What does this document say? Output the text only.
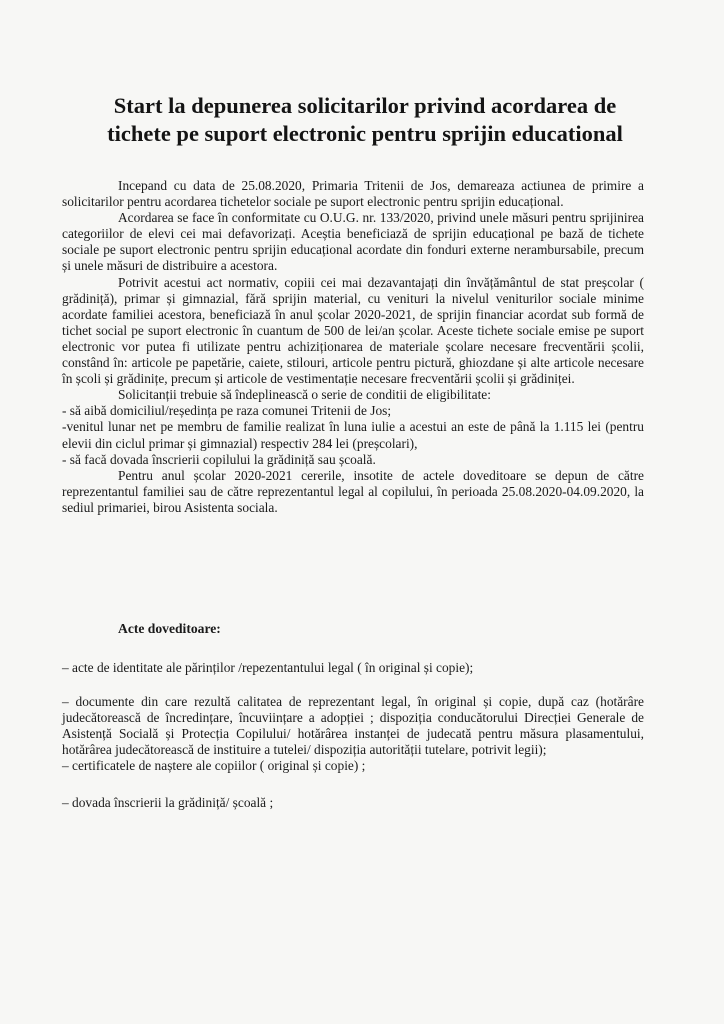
Start la depunerea solicitarilor privind acordarea de
tichete pe suport electronic pentru sprijin educational

Incepand cu data de 25.08.2020, Primaria Tritenii de Jos, demareaza actiunea de primire a solicitarilor pentru acordarea tichetelor sociale pe suport electronic pentru sprijin educațional.

Acordarea se face în conformitate cu O.U.G. nr. 133/2020, privind unele măsuri pentru sprijinirea categoriilor de elevi cei mai defavorizați. Aceștia beneficiază de sprijin educațional pe bază de tichete sociale pe suport electronic pentru sprijin educațional acordate din fonduri externe nerambursabile, precum și unele măsuri de distribuire a acestora.

Potrivit acestui act normativ, copiii cei mai dezavantajați din învățământul de stat preșcolar ( grădiniță), primar și gimnazial, fără sprijin material, cu venituri la nivelul veniturilor sociale minime acordate familiei acestora, beneficiază în anul școlar 2020-2021, de sprijin financiar acordat sub formă de tichet social pe suport electronic în cuantum de 500 de lei/an școlar. Aceste tichete sociale emise pe suport electronic vor putea fi utilizate pentru achiziționarea de materiale școlare necesare frecventării școlii, constând în: articole pe papetărie, caiete, stilouri, articole pentru pictură, ghiozdane și alte articole necesare în școli și grădinițe, precum și articole de vestimentație necesare frecventării școlii și grădiniței.

Solicitanții trebuie să îndeplinească o serie de conditii de eligibilitate:

- să aibă domiciliul/reședința pe raza comunei Tritenii de Jos;

-venitul lunar net pe membru de familie realizat în luna iulie a acestui an este de până la 1.115 lei (pentru elevii din ciclul primar și gimnazial) respectiv 284 lei (preșcolari),

- să facă dovada înscrierii copilului la grădiniță sau școală.

Pentru anul școlar 2020-2021 cererile, insotite de actele doveditoare se depun de către reprezentantul familiei sau de către reprezentantul legal al copilului, în perioada 25.08.2020-04.09.2020, la sediul primariei, birou Asistenta sociala.

Acte doveditoare:

– acte de identitate ale părinților /repezentantului legal ( în original și copie);

– documente din care rezultă calitatea de reprezentant legal, în original și copie, după caz (hotărâre judecătorească de încredințare, încuviințare a adopției ; dispoziția conducătorului Direcției Generale de Asistență Socială și Protecția Copilului/ hotărârea instanței de judecată pentru măsura plasamentului, hotărârea judecătorească de instituire a tutelei/ dispoziția autorității tutelare, potrivit legii);

– certificatele de naștere ale copiilor ( original și copie) ;

– dovada înscrierii la grădiniță/ școală ;
